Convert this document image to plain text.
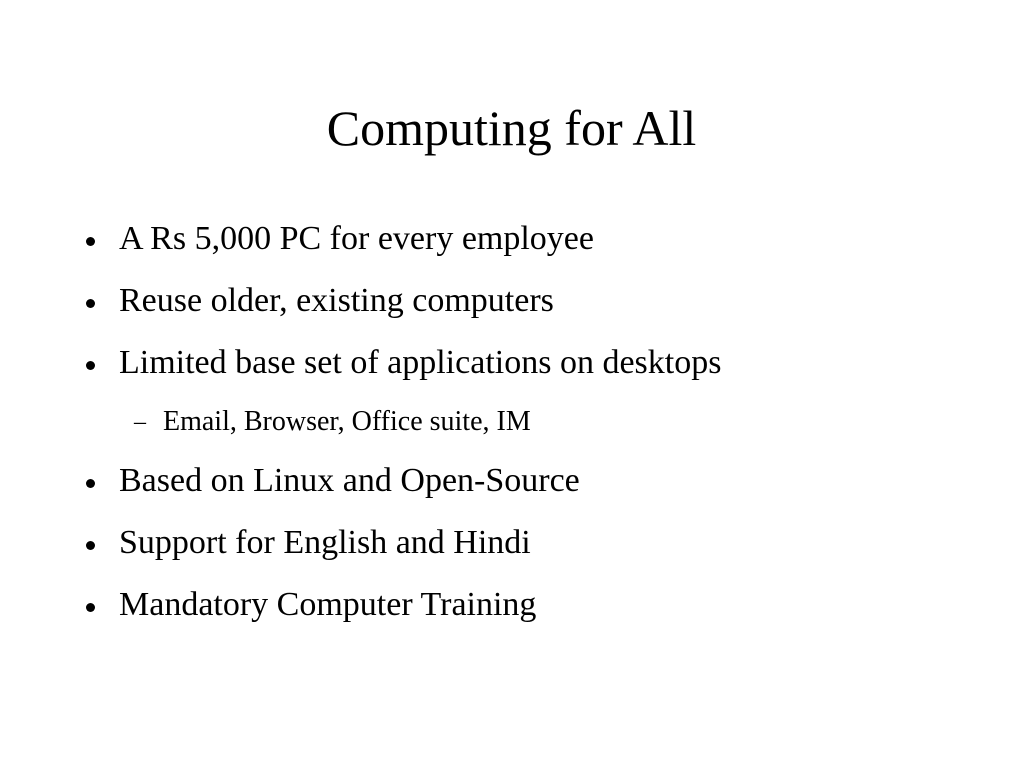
Computing for All
A Rs 5,000 PC for every employee
Reuse older, existing computers
Limited base set of applications on desktops
– Email, Browser, Office suite, IM
Based on Linux and Open-Source
Support for English and Hindi
Mandatory Computer Training
